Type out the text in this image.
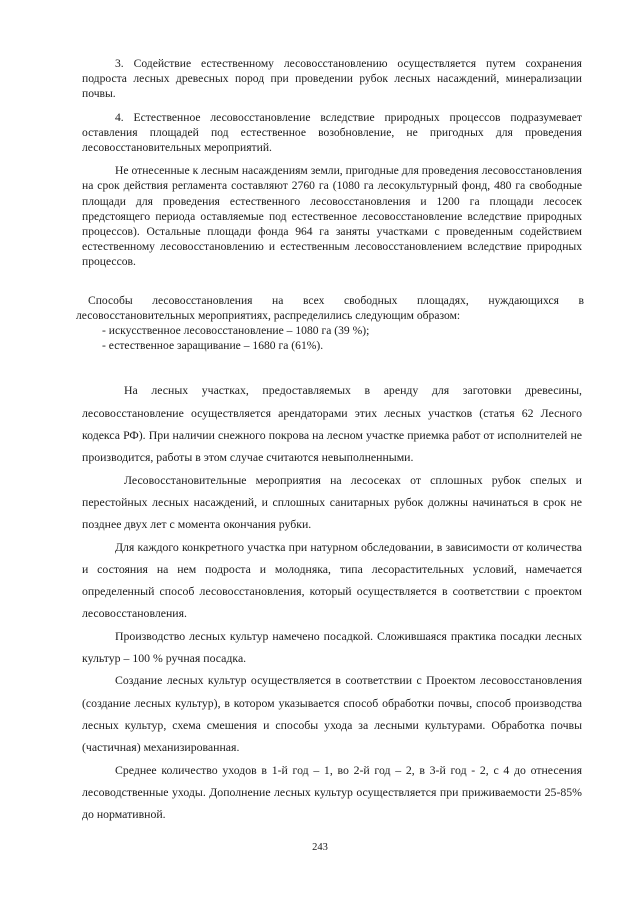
3. Содействие естественному лесовосстановлению осуществляется путем сохранения подроста лесных древесных пород при проведении рубок лесных насаждений, минерализации почвы.

4. Естественное лесовосстановление вследствие природных процессов подразумевает оставления площадей под естественное возобновление, не пригодных для проведения лесовосстановительных мероприятий.

Не отнесенные к лесным насаждениям земли, пригодные для проведения лесовосстановления на срок действия регламента составляют 2760 га (1080 га лесокультурный фонд, 480 га свободные площади для проведения естественного лесовосстановления и 1200 га площади лесосек предстоящего периода оставляемые под естественное лесовосстановление вследствие природных процессов). Остальные площади фонда 964 га заняты участками с проведенным содействием естественному лесовосстановлению и естественным лесовосстановлением вследствие природных процессов.

Способы лесовосстановления на всех свободных площадях, нуждающихся в лесовосстановительных мероприятиях, распределились следующим образом:

- искусственное лесовосстановление – 1080 га (39 %);

- естественное заращивание – 1680 га (61%).

На лесных участках, предоставляемых в аренду для заготовки древесины, лесовосстановление осуществляется арендаторами этих лесных участков (статья 62 Лесного кодекса РФ). При наличии снежного покрова на лесном участке приемка работ от исполнителей не производится, работы в этом случае считаются невыполненными.

Лесовосстановительные мероприятия на лесосеках от сплошных рубок спелых и перестойных лесных насаждений, и сплошных санитарных рубок должны начинаться в срок не позднее двух лет с момента окончания рубки.

Для каждого конкретного участка при натурном обследовании, в зависимости от количества и состояния на нем подроста и молодняка, типа лесорастительных условий, намечается определенный способ лесовосстановления, который осуществляется в соответствии с проектом лесовосстановления.

Производство лесных культур намечено посадкой. Сложившаяся практика посадки лесных культур – 100 % ручная посадка.

Создание лесных культур осуществляется в соответствии с Проектом лесовосстановления (создание лесных культур), в котором указывается способ обработки почвы, способ производства лесных культур, схема смешения и способы ухода за лесными культурами. Обработка почвы (частичная) механизированная.

Среднее количество уходов в 1-й год – 1, во 2-й год – 2, в 3-й год - 2, с 4 до отнесения лесоводственные уходы. Дополнение лесных культур осуществляется при приживаемости 25-85% до нормативной.

243
